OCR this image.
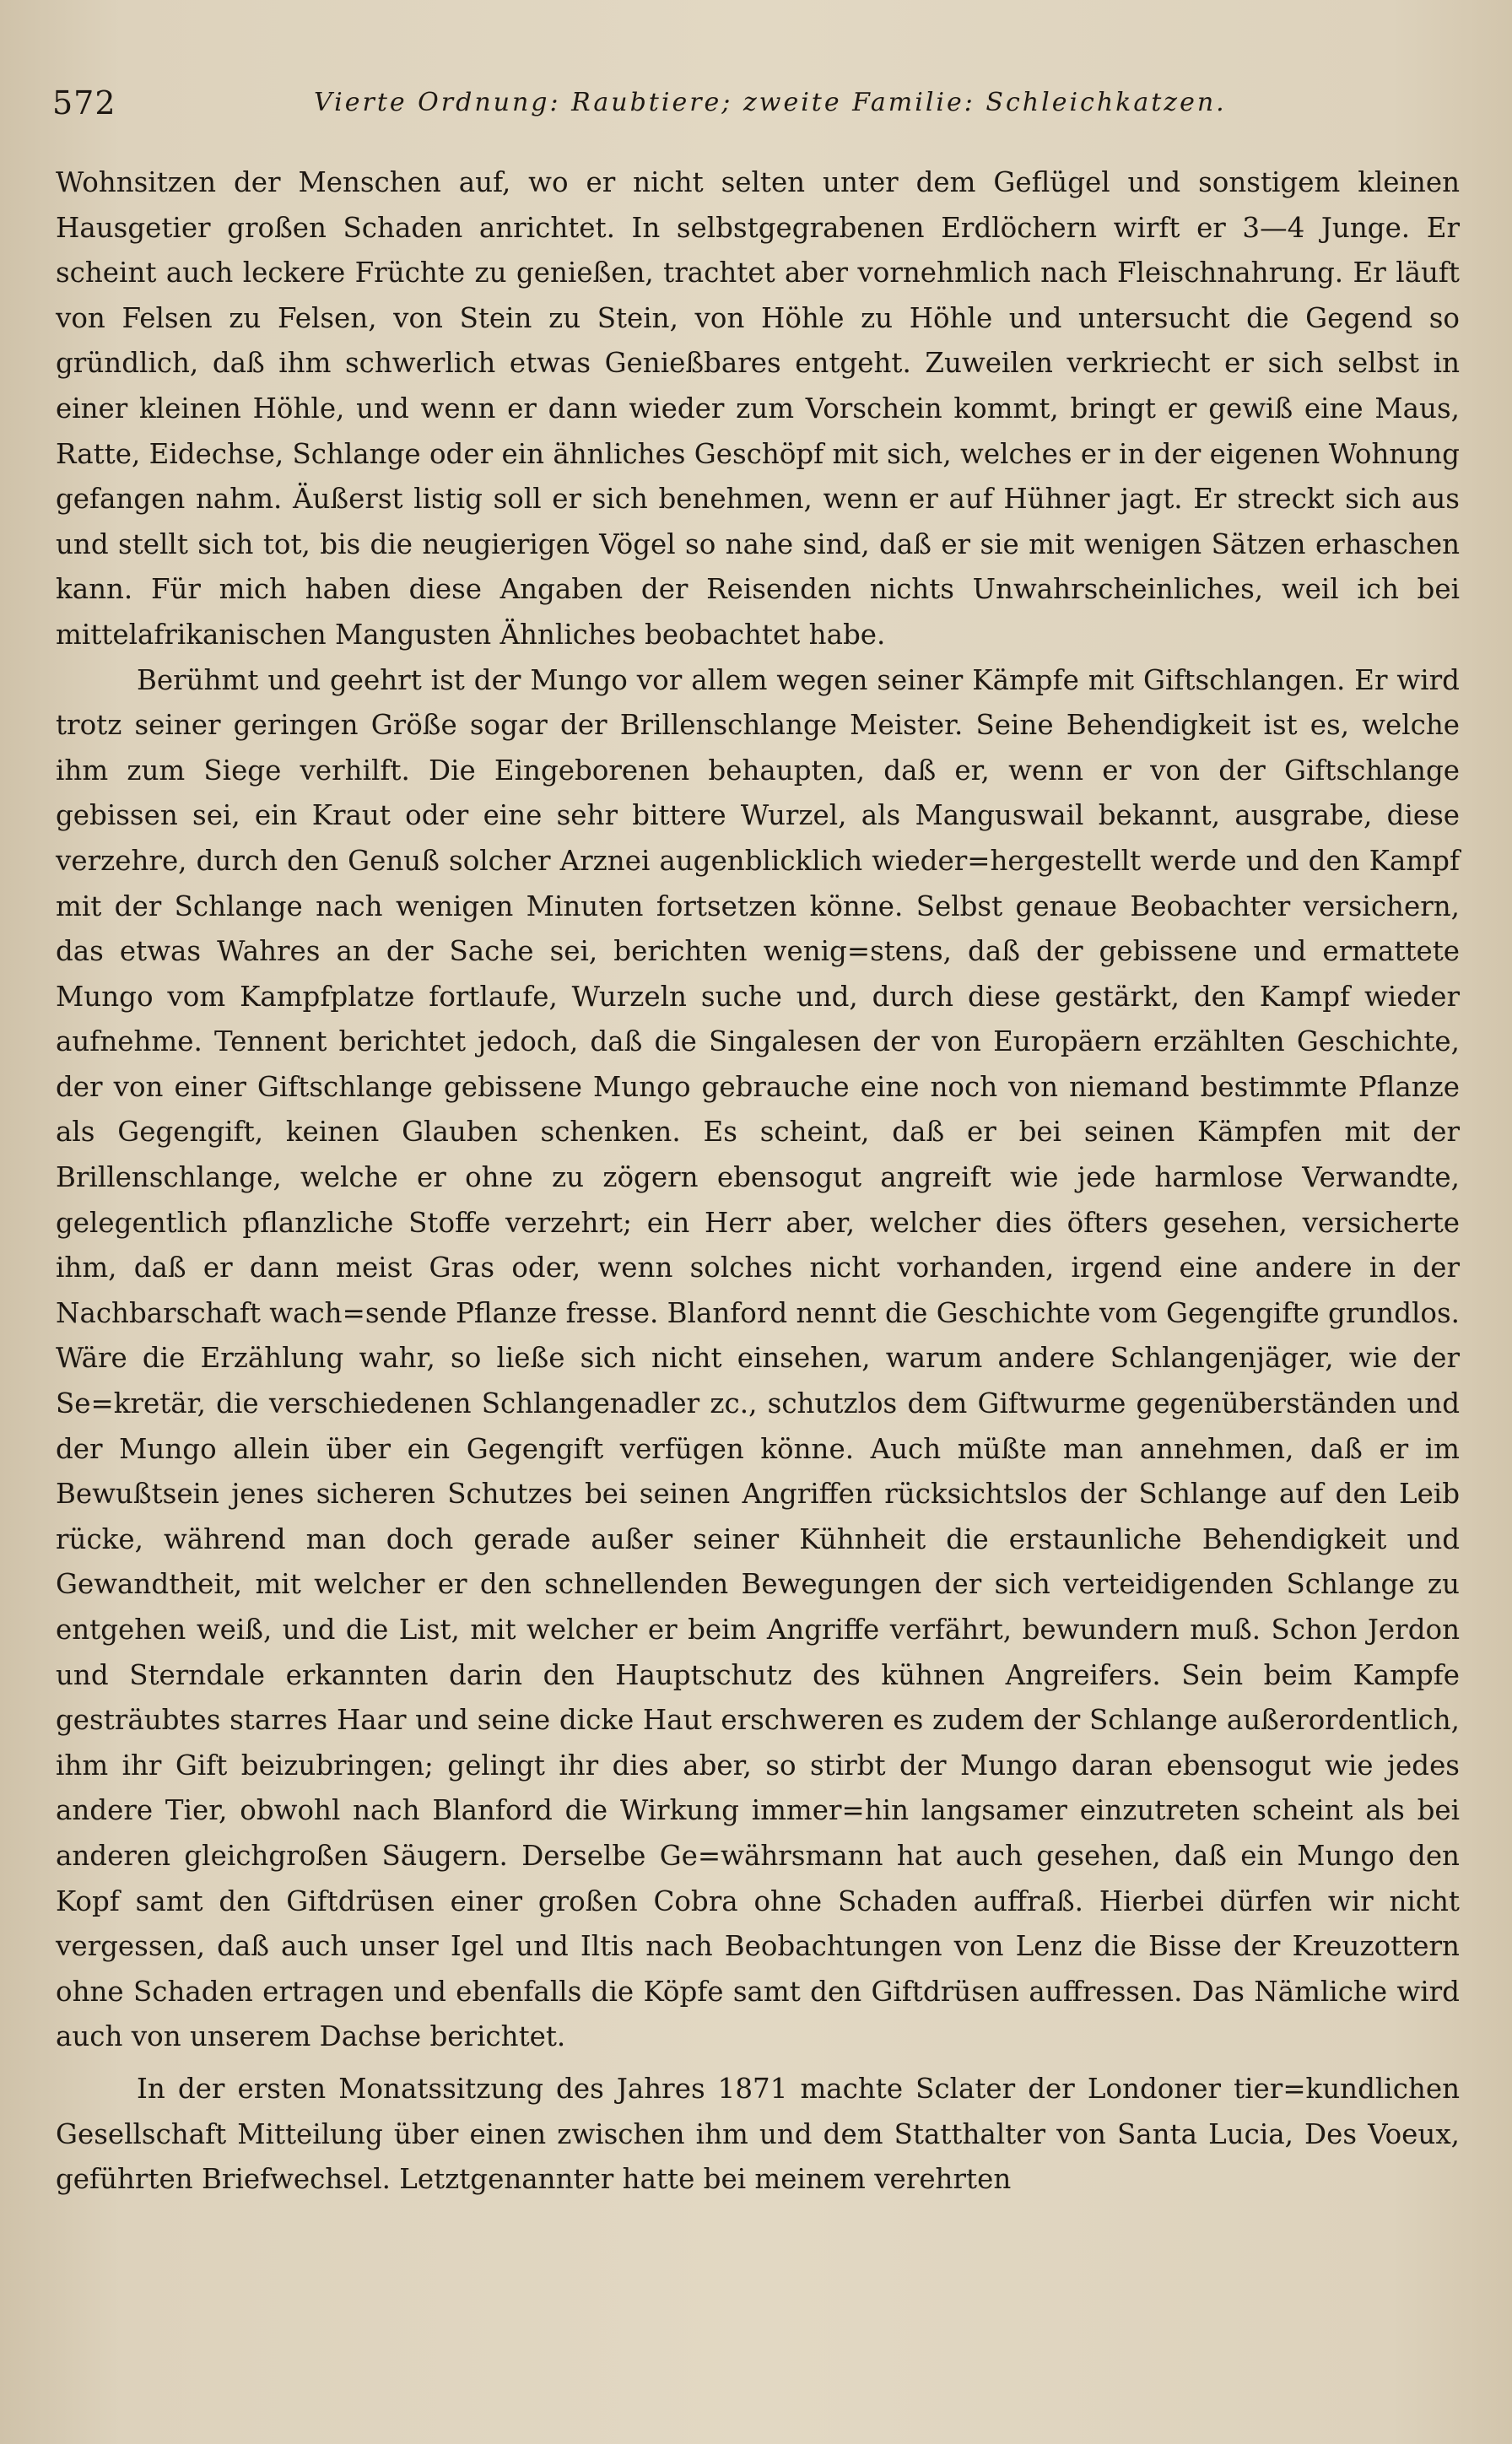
572	Vierte Ordnung: Raubtiere; zweite Familie: Schleichkatzen.

Wohnsitzen der Menschen auf, wo er nicht selten unter dem Geflügel und sonstigem kleinen Hausgetier großen Schaden anrichtet. In selbstgegrabenen Erdlöchern wirft er 3—4 Junge. Er scheint auch leckere Früchte zu genießen, trachtet aber vornehmlich nach Fleischnahrung. Er läuft von Felsen zu Felsen, von Stein zu Stein, von Höhle zu Höhle und untersucht die Gegend so gründlich, daß ihm schwerlich etwas Genießbares entgeht. Zuweilen verkriecht er sich selbst in einer kleinen Höhle, und wenn er dann wieder zum Vorschein kommt, bringt er gewiß eine Maus, Ratte, Eidechse, Schlange oder ein ähnliches Geschöpf mit sich, welches er in der eigenen Wohnung gefangen nahm. Äußerst listig soll er sich benehmen, wenn er auf Hühner jagt. Er streckt sich aus und stellt sich tot, bis die neugierigen Vögel so nahe sind, daß er sie mit wenigen Sätzen erhaschen kann. Für mich haben diese Angaben der Reisenden nichts Unwahrscheinliches, weil ich bei mittelafrikanischen Mangusten Ähnliches beobachtet habe.

Berühmt und geehrt ist der Mungo vor allem wegen seiner Kämpfe mit Giftschlangen. Er wird trotz seiner geringen Größe sogar der Brillenschlange Meister. Seine Behendigkeit ist es, welche ihm zum Siege verhilft. Die Eingeborenen behaupten, daß er, wenn er von der Giftschlange gebissen sei, ein Kraut oder eine sehr bittere Wurzel, als Manguswail bekannt, ausgrabe, diese verzehre, durch den Genuß solcher Arznei augenblicklich wieder=hergestellt werde und den Kampf mit der Schlange nach wenigen Minuten fortsetzen könne. Selbst genaue Beobachter versichern, das etwas Wahres an der Sache sei, berichten wenig=stens, daß der gebissene und ermattete Mungo vom Kampfplatze fortlaufe, Wurzeln suche und, durch diese gestärkt, den Kampf wieder aufnehme. Tennent berichtet jedoch, daß die Singalesen der von Europäern erzählten Geschichte, der von einer Giftschlange gebissene Mungo gebrauche eine noch von niemand bestimmte Pflanze als Gegengift, keinen Glauben schenken. Es scheint, daß er bei seinen Kämpfen mit der Brillenschlange, welche er ohne zu zögern ebensogut angreift wie jede harmlose Verwandte, gelegentlich pflanzliche Stoffe verzehrt; ein Herr aber, welcher dies öfters gesehen, versicherte ihm, daß er dann meist Gras oder, wenn solches nicht vorhanden, irgend eine andere in der Nachbarschaft wach=sende Pflanze fresse. Blanford nennt die Geschichte vom Gegengifte grundlos. Wäre die Erzählung wahr, so ließe sich nicht einsehen, warum andere Schlangenjäger, wie der Se=kretär, die verschiedenen Schlangenadler zc., schutzlos dem Giftwurme gegenüberständen und der Mungo allein über ein Gegengift verfügen könne. Auch müßte man annehmen, daß er im Bewußtsein jenes sicheren Schutzes bei seinen Angriffen rücksichtslos der Schlange auf den Leib rücke, während man doch gerade außer seiner Kühnheit die erstaunliche Behendigkeit und Gewandtheit, mit welcher er den schnellenden Bewegungen der sich verteidigenden Schlange zu entgehen weiß, und die List, mit welcher er beim Angriffe verfährt, bewundern muß. Schon Jerdon und Sterndale erkannten darin den Hauptschutz des kühnen Angreifers. Sein beim Kampfe gesträubtes starres Haar und seine dicke Haut erschweren es zudem der Schlange außerordentlich, ihm ihr Gift beizubringen; gelingt ihr dies aber, so stirbt der Mungo daran ebensogut wie jedes andere Tier, obwohl nach Blanford die Wirkung immer=hin langsamer einzutreten scheint als bei anderen gleichgroßen Säugern. Derselbe Ge=währsmann hat auch gesehen, daß ein Mungo den Kopf samt den Giftdrüsen einer großen Cobra ohne Schaden auffraß. Hierbei dürfen wir nicht vergessen, daß auch unser Igel und Iltis nach Beobachtungen von Lenz die Bisse der Kreuzottern ohne Schaden ertragen und ebenfalls die Köpfe samt den Giftdrüsen auffressen. Das Nämliche wird auch von unserem Dachse berichtet.

In der ersten Monatssitzung des Jahres 1871 machte Sclater der Londoner tier=kundlichen Gesellschaft Mitteilung über einen zwischen ihm und dem Statthalter von Santa Lucia, Des Voeux, geführten Briefwechsel. Letztgenannter hatte bei meinem verehrten
